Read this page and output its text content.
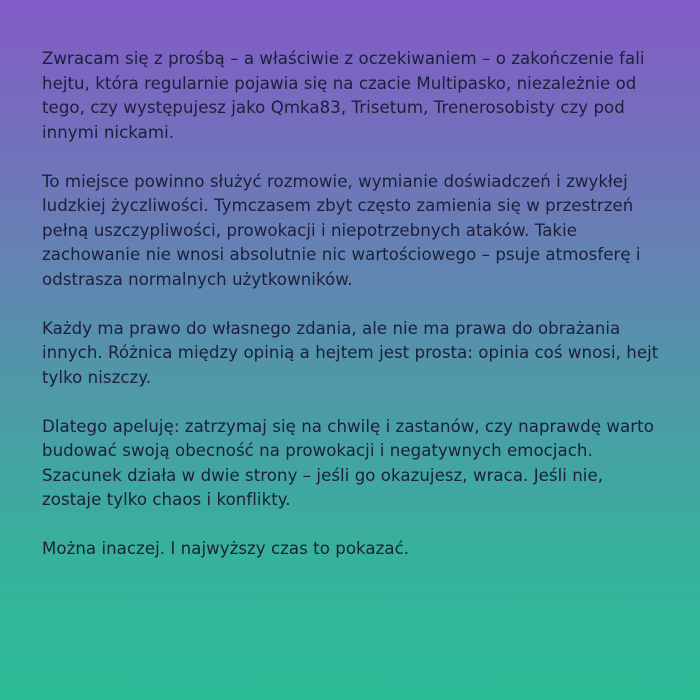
Zwracam się z prośbą – a właściwie z oczekiwaniem – o zakończenie fali hejtu, która regularnie pojawia się na czacie Multipasko, niezależnie od tego, czy występujesz jako Qmka83, Trisetum, Trenerosobisty czy pod innymi nickami.

To miejsce powinno służyć rozmowie, wymianie doświadczeń i zwykłej ludzkiej życzliwości. Tymczasem zbyt często zamienia się w przestrzeń pełną uszczypliwości, prowokacji i niepotrzebnych ataków. Takie zachowanie nie wnosi absolutnie nic wartościowego – psuje atmosferę i odstrasza normalnych użytkowników.

Każdy ma prawo do własnego zdania, ale nie ma prawa do obrażania innych. Różnica między opinią a hejtem jest prosta: opinia coś wnosi, hejt tylko niszczy.

Dlatego apeluję: zatrzymaj się na chwilę i zastanów, czy naprawdę warto budować swoją obecność na prowokacji i negatywnych emocjach. Szacunek działa w dwie strony – jeśli go okazujesz, wraca. Jeśli nie, zostaje tylko chaos i konflikty.

Można inaczej. I najwyższy czas to pokazać.
